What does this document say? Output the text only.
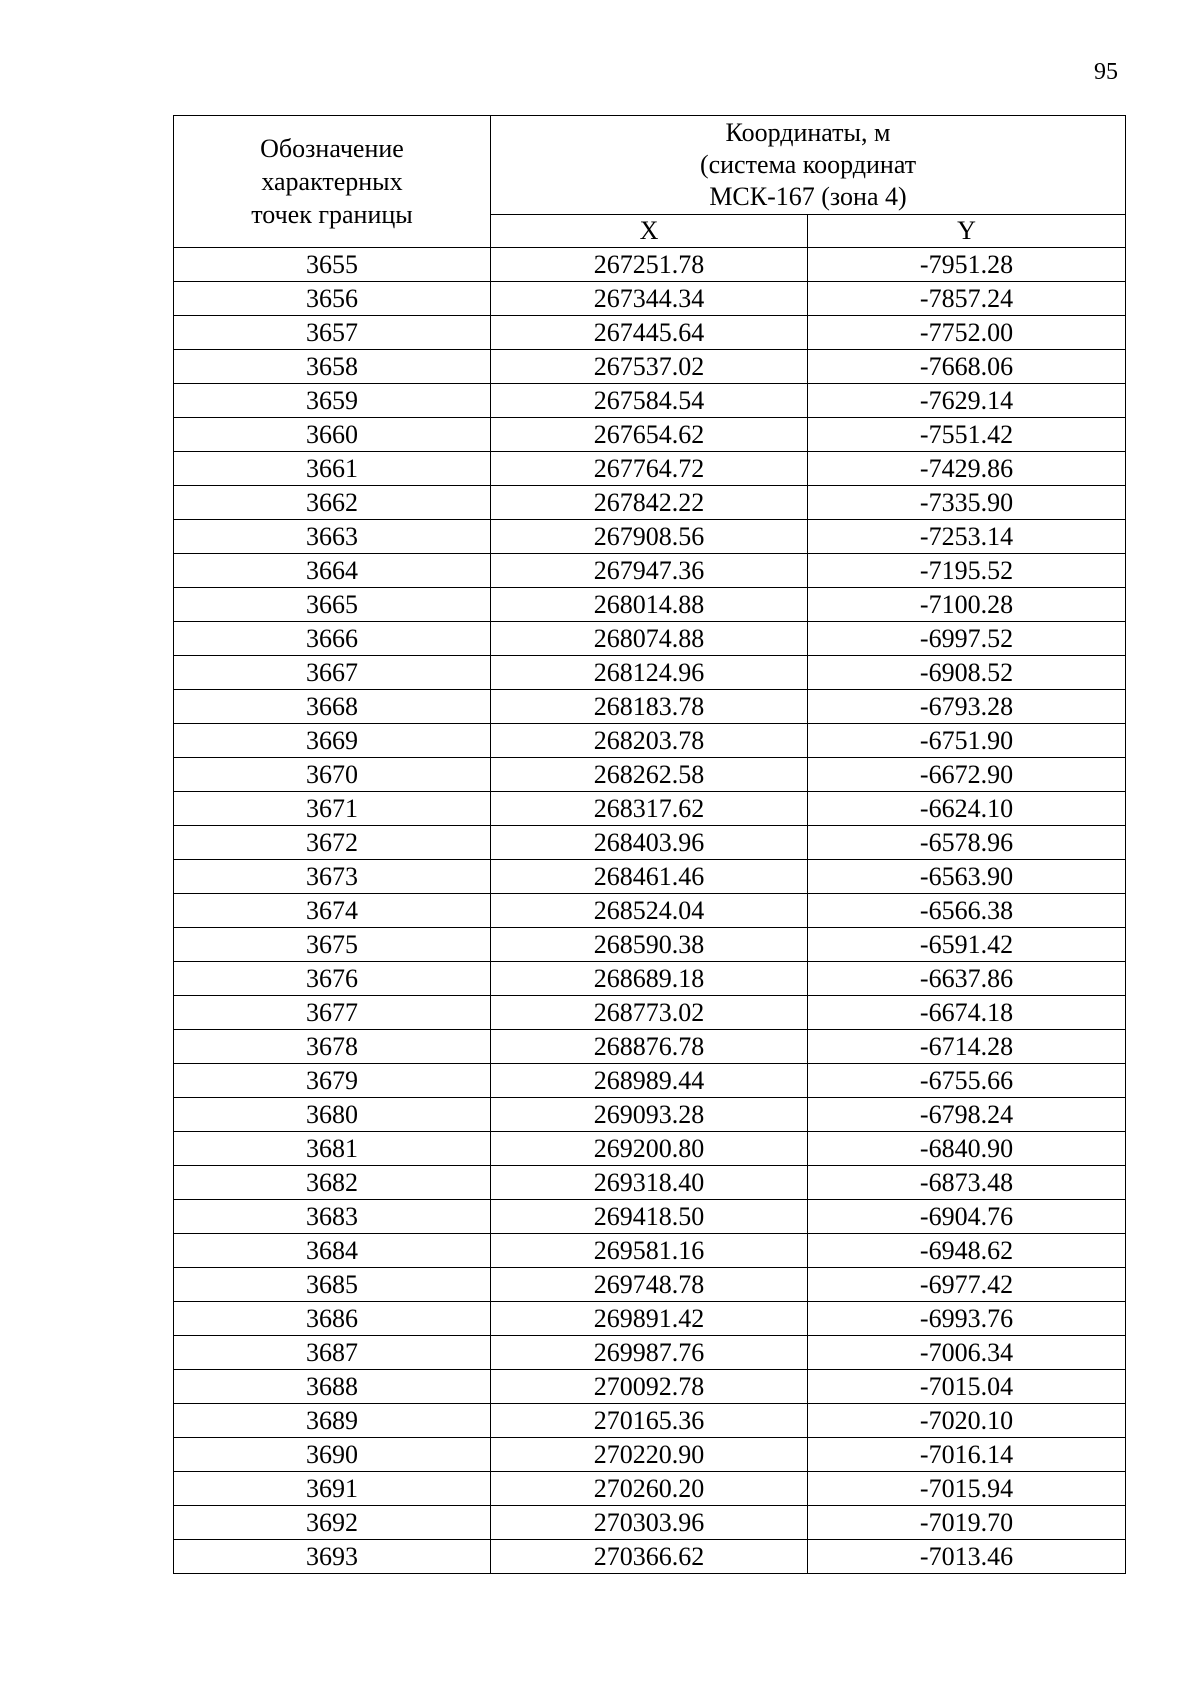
95
Обозначение
характерных
точек границы	Координаты, м
(система координат
МСК-167 (зона 4)	

	X	Y
3655	267251.78	-7951.28
3656	267344.34	-7857.24
3657	267445.64	-7752.00
3658	267537.02	-7668.06
3659	267584.54	-7629.14
3660	267654.62	-7551.42
3661	267764.72	-7429.86
3662	267842.22	-7335.90
3663	267908.56	-7253.14
3664	267947.36	-7195.52
3665	268014.88	-7100.28
3666	268074.88	-6997.52
3667	268124.96	-6908.52
3668	268183.78	-6793.28
3669	268203.78	-6751.90
3670	268262.58	-6672.90
3671	268317.62	-6624.10
3672	268403.96	-6578.96
3673	268461.46	-6563.90
3674	268524.04	-6566.38
3675	268590.38	-6591.42
3676	268689.18	-6637.86
3677	268773.02	-6674.18
3678	268876.78	-6714.28
3679	268989.44	-6755.66
3680	269093.28	-6798.24
3681	269200.80	-6840.90
3682	269318.40	-6873.48
3683	269418.50	-6904.76
3684	269581.16	-6948.62
3685	269748.78	-6977.42
3686	269891.42	-6993.76
3687	269987.76	-7006.34
3688	270092.78	-7015.04
3689	270165.36	-7020.10
3690	270220.90	-7016.14
3691	270260.20	-7015.94
3692	270303.96	-7019.70
3693	270366.62	-7013.46
